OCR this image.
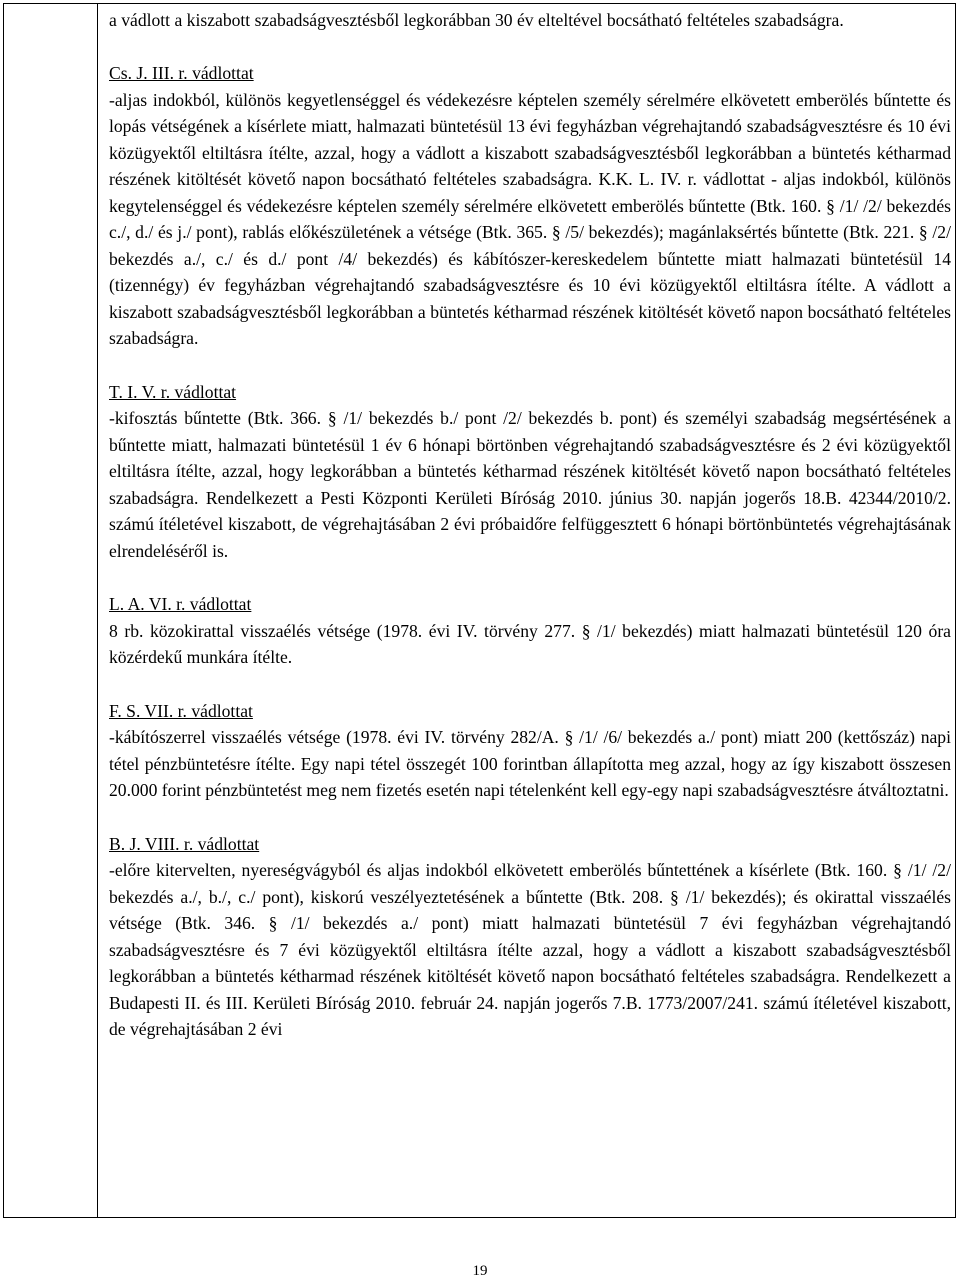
a vádlott a kiszabott szabadságvesztésből legkorábban 30 év elteltével bocsátható feltételes szabadságra.

Cs. J. III. r. vádlottat

-aljas indokból, különös kegyetlenséggel és védekezésre képtelen személy sérelmére elkövetett emberölés bűntette és lopás vétségének a kísérlete miatt, halmazati büntetésül 13 évi fegyházban végrehajtandó szabadságvesztésre és 10 évi közügyektől eltiltásra ítélte, azzal, hogy a vádlott a kiszabott szabadságvesztésből legkorábban a büntetés kétharmad részének kitöltését követő napon bocsátható feltételes szabadságra. K.K. L. IV. r. vádlottat - aljas indokból, különös kegytelenséggel és védekezésre képtelen személy sérelmére elkövetett emberölés bűntette (Btk. 160. § /1/ /2/ bekezdés c./, d./ és j./ pont), rablás előkészületének a vétsége (Btk. 365. § /5/ bekezdés); magánlaksértés bűntette (Btk. 221. § /2/ bekezdés a./, c./ és d./ pont /4/ bekezdés) és kábítószer-kereskedelem bűntette miatt halmazati büntetésül 14 (tizennégy) év fegyházban végrehajtandó szabadságvesztésre és 10 évi közügyektől eltiltásra ítélte. A vádlott a kiszabott szabadságvesztésből legkorábban a büntetés kétharmad részének kitöltését követő napon bocsátható feltételes szabadságra.

T. I. V. r. vádlottat

-kifosztás bűntette (Btk. 366. § /1/ bekezdés b./ pont /2/ bekezdés b. pont) és személyi szabadság megsértésének a bűntette miatt, halmazati büntetésül 1 év 6 hónapi börtönben végrehajtandó szabadságvesztésre és 2 évi közügyektől eltiltásra ítélte, azzal, hogy legkorábban a büntetés kétharmad részének kitöltését követő napon bocsátható feltételes szabadságra. Rendelkezett a Pesti Központi Kerületi Bíróság 2010. június 30. napján jogerős 18.B. 42344/2010/2. számú ítéletével kiszabott, de végrehajtásában 2 évi próbaidőre felfüggesztett 6 hónapi börtönbüntetés végrehajtásának elrendeléséről is.

L. A. VI. r. vádlottat

8 rb. közokirattal visszaélés vétsége (1978. évi IV. törvény 277. § /1/ bekezdés) miatt halmazati büntetésül 120 óra közérdekű munkára ítélte.

F. S. VII. r. vádlottat

-kábítószerrel visszaélés vétsége (1978. évi IV. törvény 282/A. § /1/ /6/ bekezdés a./ pont) miatt 200 (kettőszáz) napi tétel pénzbüntetésre ítélte. Egy napi tétel összegét 100 forintban állapította meg azzal, hogy az így kiszabott összesen 20.000 forint pénzbüntetést meg nem fizetés esetén napi tételenként kell egy-egy napi szabadságvesztésre átváltoztatni.

B. J. VIII. r. vádlottat

-előre kitervelten, nyereségvágyból és aljas indokból elkövetett emberölés bűntettének a kísérlete (Btk. 160. § /1/ /2/ bekezdés a./, b./, c./ pont), kiskorú veszélyeztetésének a bűntette (Btk. 208. § /1/ bekezdés); és okirattal visszaélés vétsége (Btk. 346. § /1/ bekezdés a./ pont) miatt halmazati büntetésül 7 évi fegyházban végrehajtandó szabadságvesztésre és 7 évi közügyektől eltiltásra ítélte azzal, hogy a vádlott a kiszabott szabadságvesztésből legkorábban a büntetés kétharmad részének kitöltését követő napon bocsátható feltételes szabadságra. Rendelkezett a Budapesti II. és III. Kerületi Bíróság 2010. február 24. napján jogerős 7.B. 1773/2007/241. számú ítéletével kiszabott, de végrehajtásában 2 évi

19
